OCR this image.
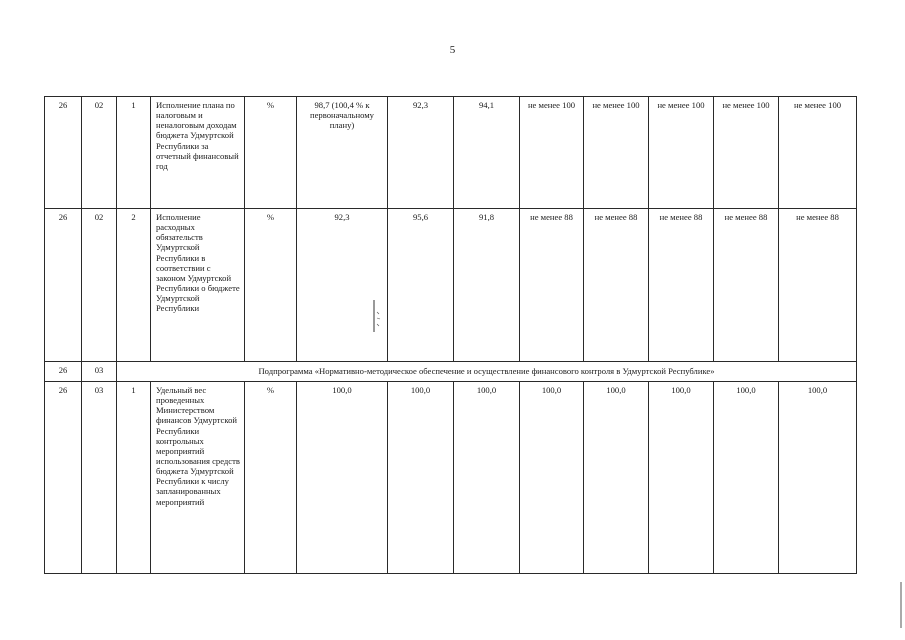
5
26	02	1	Исполнение плана по налоговым и неналоговым доходам бюджета Удмуртской Республики за отчетный финансовый год	%	98,7 (100,4 % к первоначальному плану)	92,3	94,1	не менее 100	не менее 100	не менее 100	не менее 100	не менее 100
26	02	2	Исполнение расходных обязательств Удмуртской Республики в соответствии с законом Удмуртской Республики о бюджете Удмуртской Республики	%	92,3	95,6	91,8	не менее 88	не менее 88	не менее 88	не менее 88	не менее 88
26	03	Подпрограмма «Нормативно-методическое обеспечение и осуществление финансового контроля в Удмуртской Республике»										
26	03	1	Удельный вес проведенных Министерством финансов Удмуртской Республики контрольных мероприятий использования средств бюджета Удмуртской Республики к числу запланированных мероприятий	%	100,0	100,0	100,0	100,0	100,0	100,0	100,0	100,0
